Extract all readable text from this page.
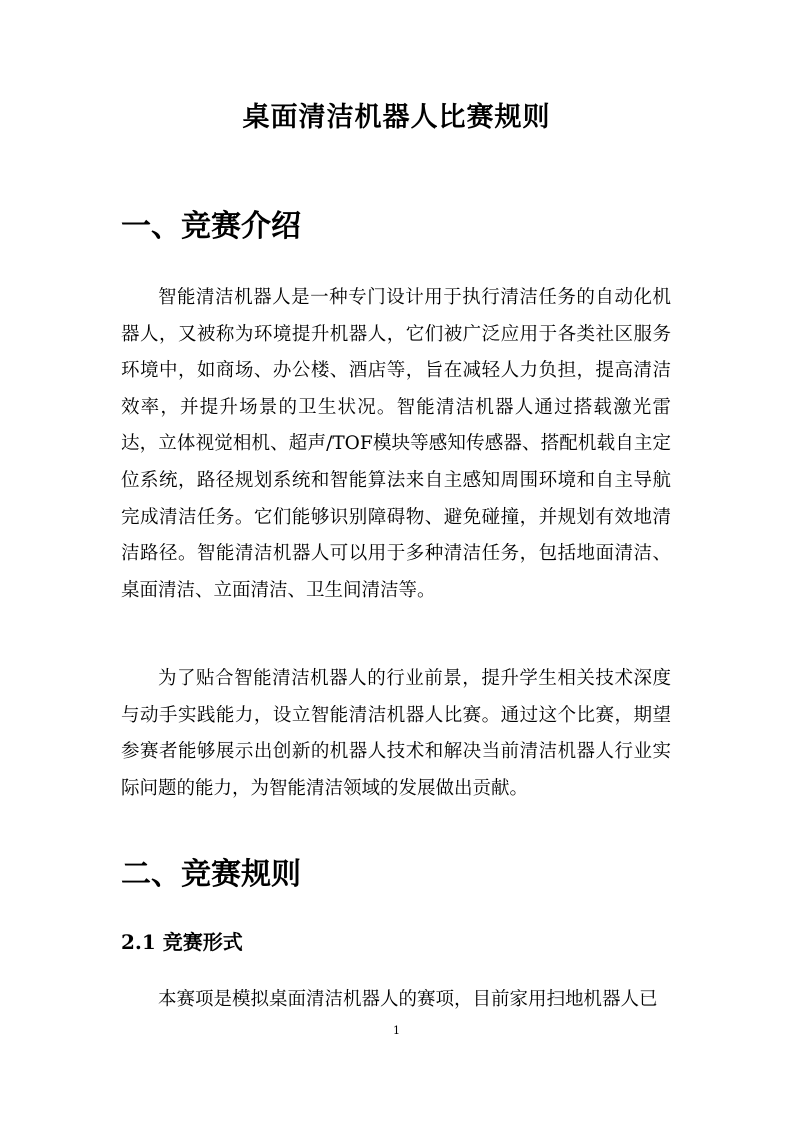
桌面清洁机器人比赛规则
一、竞赛介绍

智能清洁机器人是一种专门设计用于执行清洁任务的自动化机器人，又被称为环境提升机器人，它们被广泛应用于各类社区服务环境中，如商场、办公楼、酒店等，旨在减轻人力负担，提高清洁效率，并提升场景的卫生状况。智能清洁机器人通过搭载激光雷达，立体视觉相机、超声/TOF模块等感知传感器、搭配机载自主定位系统，路径规划系统和智能算法来自主感知周围环境和自主导航完成清洁任务。它们能够识别障碍物、避免碰撞，并规划有效地清洁路径。智能清洁机器人可以用于多种清洁任务，包括地面清洁、桌面清洁、立面清洁、卫生间清洁等。

为了贴合智能清洁机器人的行业前景，提升学生相关技术深度与动手实践能力，设立智能清洁机器人比赛。通过这个比赛，期望参赛者能够展示出创新的机器人技术和解决当前清洁机器人行业实际问题的能力，为智能清洁领域的发展做出贡献。

二、竞赛规则
2.1 竞赛形式

本赛项是模拟桌面清洁机器人的赛项，目前家用扫地机器人已

1
